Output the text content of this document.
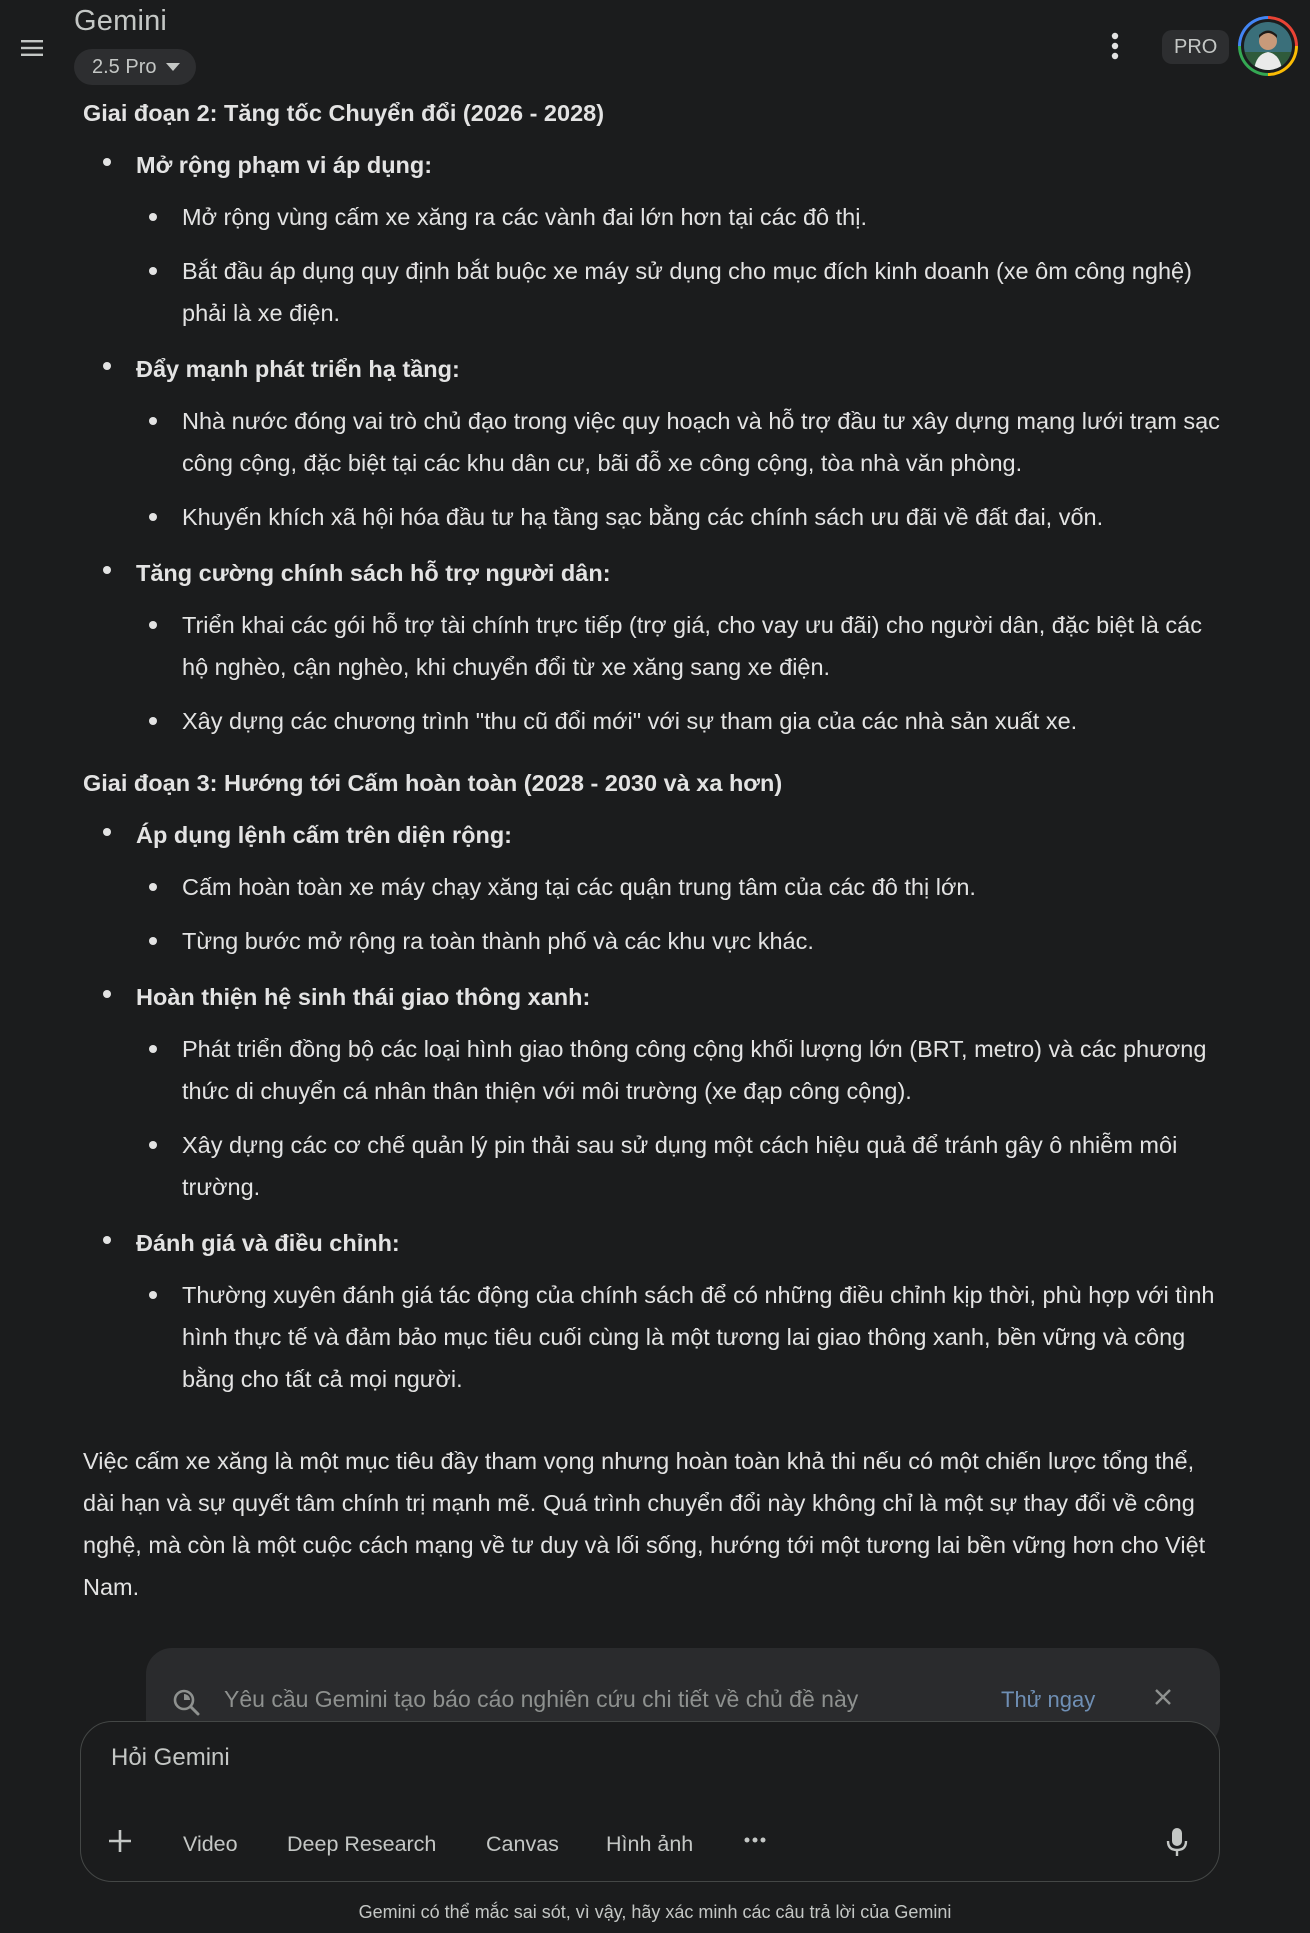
Gemini
2.5 Pro
PRO
Giai đoạn 2: Tăng tốc Chuyển đổi (2026 - 2028)
Mở rộng phạm vi áp dụng:
Mở rộng vùng cấm xe xăng ra các vành đai lớn hơn tại các đô thị.
Bắt đầu áp dụng quy định bắt buộc xe máy sử dụng cho mục đích kinh doanh (xe ôm công nghệ) phải là xe điện.
Đẩy mạnh phát triển hạ tầng:
Nhà nước đóng vai trò chủ đạo trong việc quy hoạch và hỗ trợ đầu tư xây dựng mạng lưới trạm sạc công cộng, đặc biệt tại các khu dân cư, bãi đỗ xe công cộng, tòa nhà văn phòng.
Khuyến khích xã hội hóa đầu tư hạ tầng sạc bằng các chính sách ưu đãi về đất đai, vốn.
Tăng cường chính sách hỗ trợ người dân:
Triển khai các gói hỗ trợ tài chính trực tiếp (trợ giá, cho vay ưu đãi) cho người dân, đặc biệt là các hộ nghèo, cận nghèo, khi chuyển đổi từ xe xăng sang xe điện.
Xây dựng các chương trình "thu cũ đổi mới" với sự tham gia của các nhà sản xuất xe.
Giai đoạn 3: Hướng tới Cấm hoàn toàn (2028 - 2030 và xa hơn)
Áp dụng lệnh cấm trên diện rộng:
Cấm hoàn toàn xe máy chạy xăng tại các quận trung tâm của các đô thị lớn.
Từng bước mở rộng ra toàn thành phố và các khu vực khác.
Hoàn thiện hệ sinh thái giao thông xanh:
Phát triển đồng bộ các loại hình giao thông công cộng khối lượng lớn (BRT, metro) và các phương thức di chuyển cá nhân thân thiện với môi trường (xe đạp công cộng).
Xây dựng các cơ chế quản lý pin thải sau sử dụng một cách hiệu quả để tránh gây ô nhiễm môi trường.
Đánh giá và điều chỉnh:
Thường xuyên đánh giá tác động của chính sách để có những điều chỉnh kịp thời, phù hợp với tình hình thực tế và đảm bảo mục tiêu cuối cùng là một tương lai giao thông xanh, bền vững và công bằng cho tất cả mọi người.

Việc cấm xe xăng là một mục tiêu đầy tham vọng nhưng hoàn toàn khả thi nếu có một chiến lược tổng thể, dài hạn và sự quyết tâm chính trị mạnh mẽ. Quá trình chuyển đổi này không chỉ là một sự thay đổi về công nghệ, mà còn là một cuộc cách mạng về tư duy và lối sống, hướng tới một tương lai bền vững hơn cho Việt Nam.

Yêu cầu Gemini tạo báo cáo nghiên cứu chi tiết về chủ đề này	Thử ngay
Hỏi Gemini
Video Deep Research Canvas Hình ảnh
Gemini có thể mắc sai sót, vì vậy, hãy xác minh các câu trả lời của Gemini
